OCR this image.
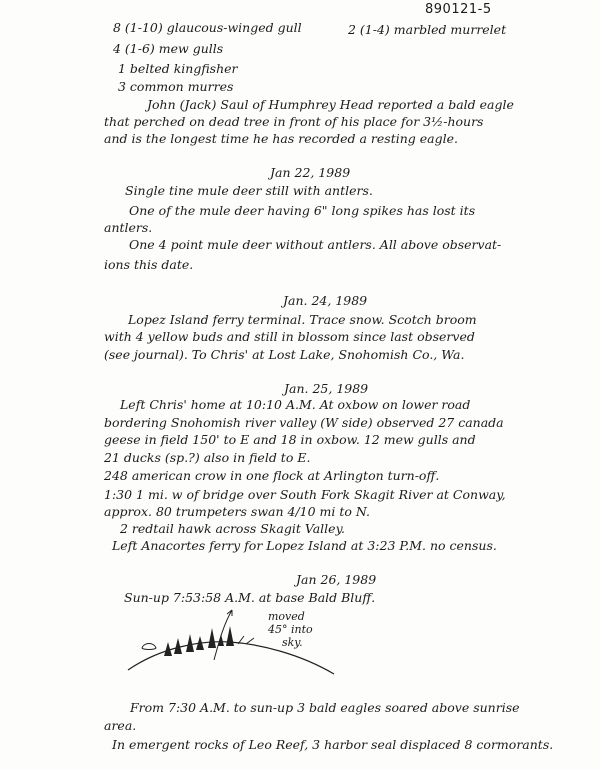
890121-5
8 (1-10) glaucous-winged gull
4 (1-6) mew gulls
1 belted kingfisher
3 common murres
2 (1-4) marbled murrelet
John (Jack) Saul of Humphrey Head reported a bald eagle
that perched on dead tree in front of his place for 3½-hours
and is the longest time he has recorded a resting eagle.
Jan 22, 1989
Single tine mule deer still with antlers.
One of the mule deer having 6" long spikes has lost its
antlers.
One 4 point mule deer without antlers. All above observat-
ions this date.
Jan. 24, 1989
Lopez Island ferry terminal. Trace snow. Scotch broom
with 4 yellow buds and still in blossom since last observed
(see journal). To Chris' at Lost Lake, Snohomish Co., Wa.
Jan. 25, 1989
Left Chris' home at 10:10 A.M. At oxbow on lower road
bordering Snohomish river valley (W side) observed 27 canada
geese in field 150' to E and 18 in oxbow. 12 mew gulls and
21 ducks (sp.?) also in field to E.
248 american crow in one flock at Arlington turn-off.
1:30 1 mi. w of bridge over South Fork Skagit River at Conway,
approx. 80 trumpeters swan 4/10 mi to N.
2 redtail hawk across Skagit Valley.
Left Anacortes ferry for Lopez Island at 3:23 P.M. no census.
Jan 26, 1989
Sun-up 7:53:58 A.M. at base Bald Bluff.
moved
45° into
sky.
From 7:30 A.M. to sun-up 3 bald eagles soared above sunrise
area.
In emergent rocks of Leo Reef, 3 harbor seal displaced 8 cormorants.
